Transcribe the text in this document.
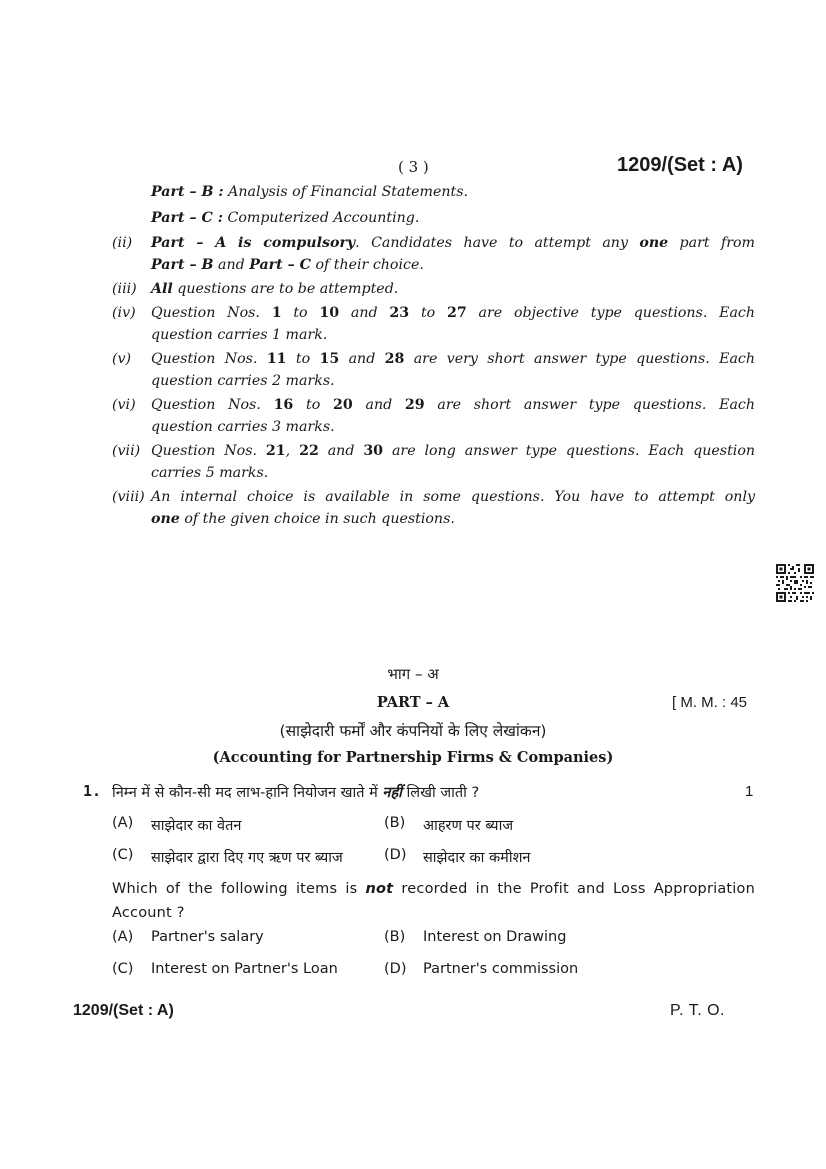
( 3 )	1209/(Set : A)
Part – B : Analysis of Financial Statements.
Part – C : Computerized Accounting.
(ii) Part – A is compulsory. Candidates have to attempt any one part from
Part – B and Part – C of their choice.
(iii) All questions are to be attempted.
(iv) Question Nos. 1 to 10 and 23 to 27 are objective type questions. Each
question carries 1 mark.
(v) Question Nos. 11 to 15 and 28 are very short answer type questions. Each
question carries 2 marks.
(vi) Question Nos. 16 to 20 and 29 are short answer type questions. Each
question carries 3 marks.
(vii) Question Nos. 21, 22 and 30 are long answer type questions. Each question
carries 5 marks.
(viii) An internal choice is available in some questions. You have to attempt only
one of the given choice in such questions.
भाग – अ
PART – A	[ M. M. : 45
(साझेदारी फर्मों और कंपनियों के लिए लेखांकन)
(Accounting for Partnership Firms & Companies)
1. निम्न में से कौन-सी मद लाभ-हानि नियोजन खाते में नहीं लिखी जाती ?	1
(A) साझेदार का वेतन	(B) आहरण पर ब्याज
(C) साझेदार द्वारा दिए गए ऋण पर ब्याज	(D) साझेदार का कमीशन
Which of the following items is not recorded in the Profit and Loss Appropriation
Account ?
(A) Partner's salary	(B) Interest on Drawing
(C) Interest on Partner's Loan	(D) Partner's commission
1209/(Set : A)	P. T. O.
